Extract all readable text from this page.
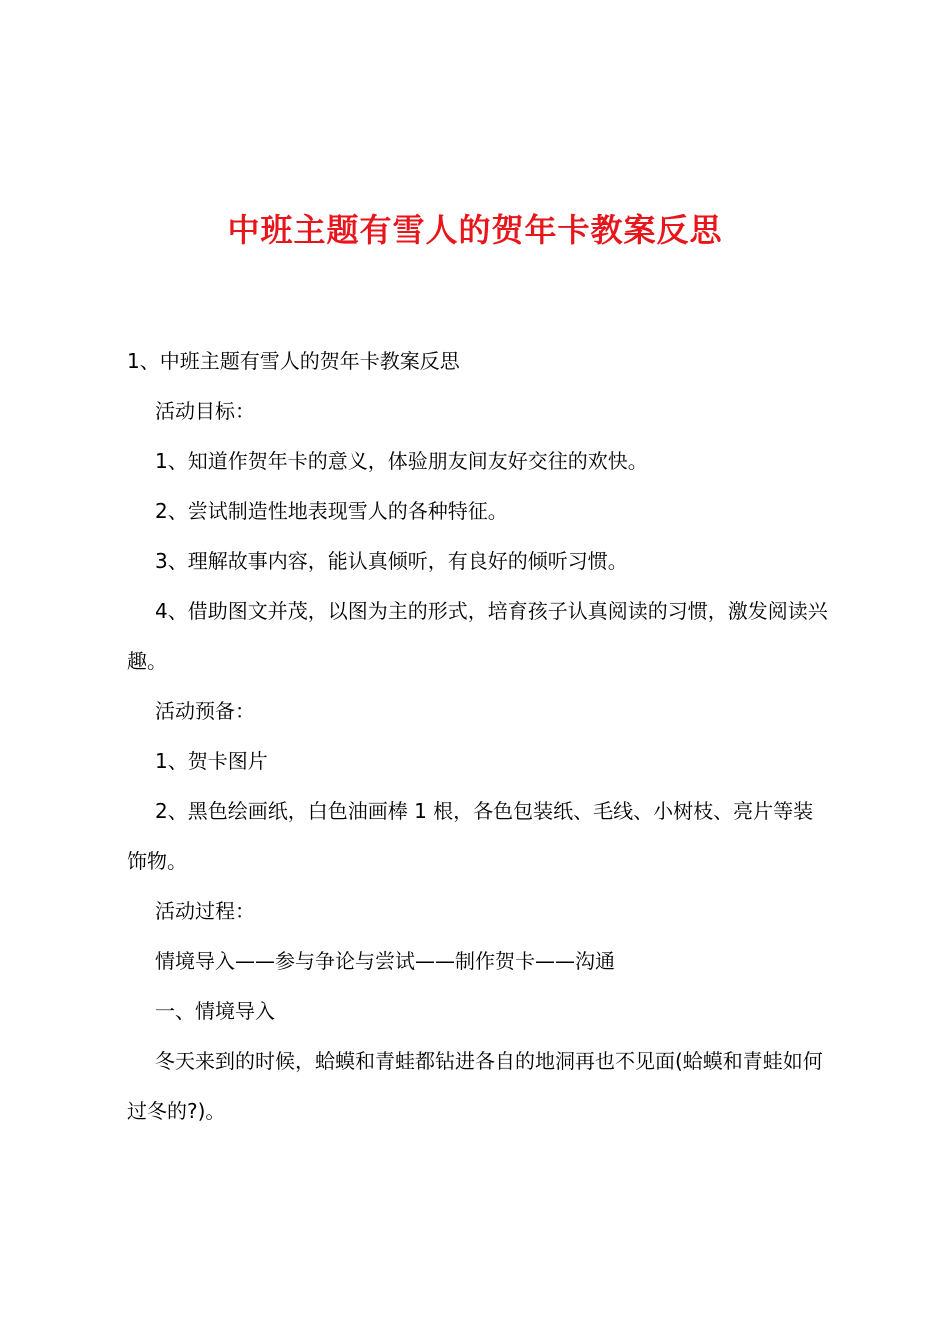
中班主题有雪人的贺年卡教案反思

1、中班主题有雪人的贺年卡教案反思

活动目标：

1、知道作贺年卡的意义，体验朋友间友好交往的欢快。

2、尝试制造性地表现雪人的各种特征。

3、理解故事内容，能认真倾听，有良好的倾听习惯。

4、借助图文并茂，以图为主的形式，培育孩子认真阅读的习惯，激发阅读兴趣。

活动预备：

1、贺卡图片

2、黑色绘画纸，白色油画棒 1 根，各色包装纸、毛线、小树枝、亮片等装饰物。

活动过程：

情境导入——参与争论与尝试——制作贺卡——沟通

一、情境导入

冬天来到的时候，蛤蟆和青蛙都钻进各自的地洞再也不见面(蛤蟆和青蛙如何过冬的?)。
